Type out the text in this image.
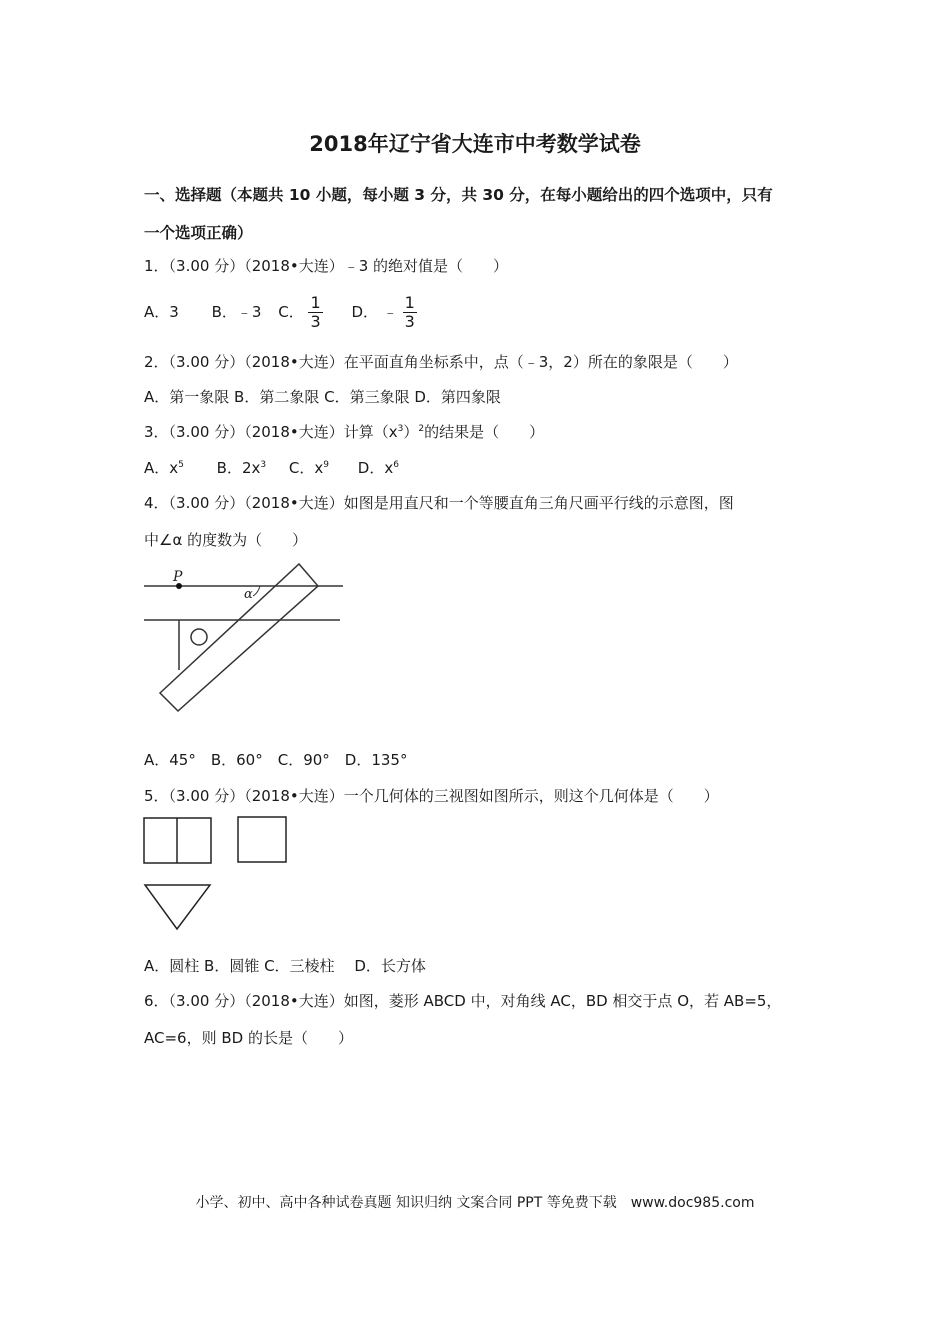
2018年辽宁省大连市中考数学试卷
一、选择题（本题共 10 小题，每小题 3 分，共 30 分，在每小题给出的四个选项中，只有
一个选项正确）
1．（3.00 分）（2018•大连）﹣3 的绝对值是（　　）
A．3 B．﹣3 C． $\frac{1}{3}$ D． ﹣ $\frac{1}{3}$
2．（3.00 分）（2018•大连）在平面直角坐标系中，点（﹣3，2）所在的象限是（　　）
A．第一象限 B．第二象限 C．第三象限 D．第四象限
3．（3.00 分）（2018•大连）计算$(x^3)^2$的结果是（　　）
A．$x^5$ B．$2x^3$ C．$x^9$ D．$x^6$
4．（3.00 分）（2018•大连）如图是用直尺和一个等腰直角三角尺画平行线的示意图，图
中∠α 的度数为（　　）
P
α
A．45°　B．60°　C．90°　D．135°
5．（3.00 分）（2018•大连）一个几何体的三视图如图所示，则这个几何体是（　　）
A．圆柱 B．圆锥 C．三棱柱　 D．长方体
6．（3.00 分）（2018•大连）如图，菱形 ABCD 中，对角线 AC，BD 相交于点 O，若 AB=5，
AC=6，则 BD 的长是（　　）
小学、初中、高中各种试卷真题 知识归纳 文案合同 PPT 等免费下载　www.doc985.com
